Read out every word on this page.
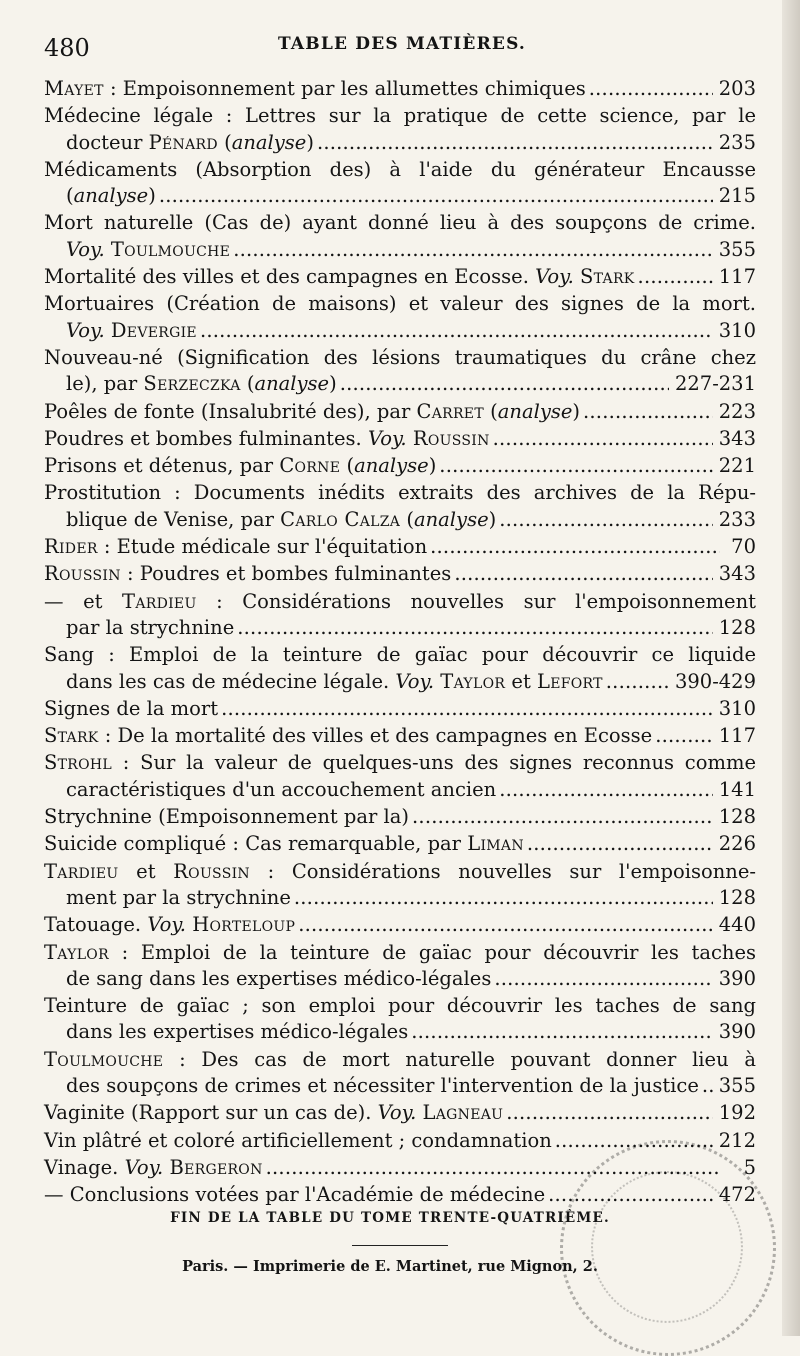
480	TABLE DES MATIÈRES.
Mayet : Empoisonnement par les allumettes chimiques . . .	203
Médecine légale : Lettres sur la pratique de cette science, par le
docteur Pénard (analyse) . . .	235
Médicaments (Absorption des) à l'aide du générateur Encausse
(analyse) . . .	215
Mort naturelle (Cas de) ayant donné lieu à des soupçons de crime.
Voy. Toulmouche . . .	355
Mortalité des villes et des campagnes en Ecosse. Voy. Stark . . .	117
Mortuaires (Création de maisons) et valeur des signes de la mort.
Voy. Devergie . . .	310
Nouveau-né (Signification des lésions traumatiques du crâne chez
le), par Serzeczka (analyse) . . .	227-231
Poêles de fonte (Insalubrité des), par Carret (analyse) . . .	223
Poudres et bombes fulminantes. Voy. Roussin . . .	343
Prisons et détenus, par Corne (analyse) . . .	221
Prostitution : Documents inédits extraits des archives de la Répu-
blique de Venise, par Carlo Calza (analyse) . . .	233
Rider : Etude médicale sur l'équitation . . .	70
Roussin : Poudres et bombes fulminantes . . .	343
— et Tardieu : Considérations nouvelles sur l'empoisonnement
par la strychnine . . .	128
Sang : Emploi de la teinture de gaïac pour découvrir ce liquide
dans les cas de médecine légale. Voy. Taylor et Lefort . . .	390-429
Signes de la mort . . .	310
Stark : De la mortalité des villes et des campagnes en Ecosse . . .	117
Strohl : Sur la valeur de quelques-uns des signes reconnus comme
caractéristiques d'un accouchement ancien . . .	141
Strychnine (Empoisonnement par la) . . .	128
Suicide compliqué : Cas remarquable, par Liman . . .	226
Tardieu et Roussin : Considérations nouvelles sur l'empoisonne-
ment par la strychnine . . .	128
Tatouage. Voy. Horteloup . . .	440
Taylor : Emploi de la teinture de gaïac pour découvrir les taches
de sang dans les expertises médico-légales . . .	390
Teinture de gaïac ; son emploi pour découvrir les taches de sang
dans les expertises médico-légales . . .	390
Toulmouche : Des cas de mort naturelle pouvant donner lieu à
des soupçons de crimes et nécessiter l'intervention de la justice . . . 355
Vaginite (Rapport sur un cas de). Voy. Lagneau . . .	192
Vin plâtré et coloré artificiellement ; condamnation . . .	212
Vinage. Voy. Bergeron . . .	5
— Conclusions votées par l'Académie de médecine . . .	472
FIN DE LA TABLE DU TOME TRENTE-QUATRIÈME.
Paris. — Imprimerie de E. Martinet, rue Mignon, 2.
